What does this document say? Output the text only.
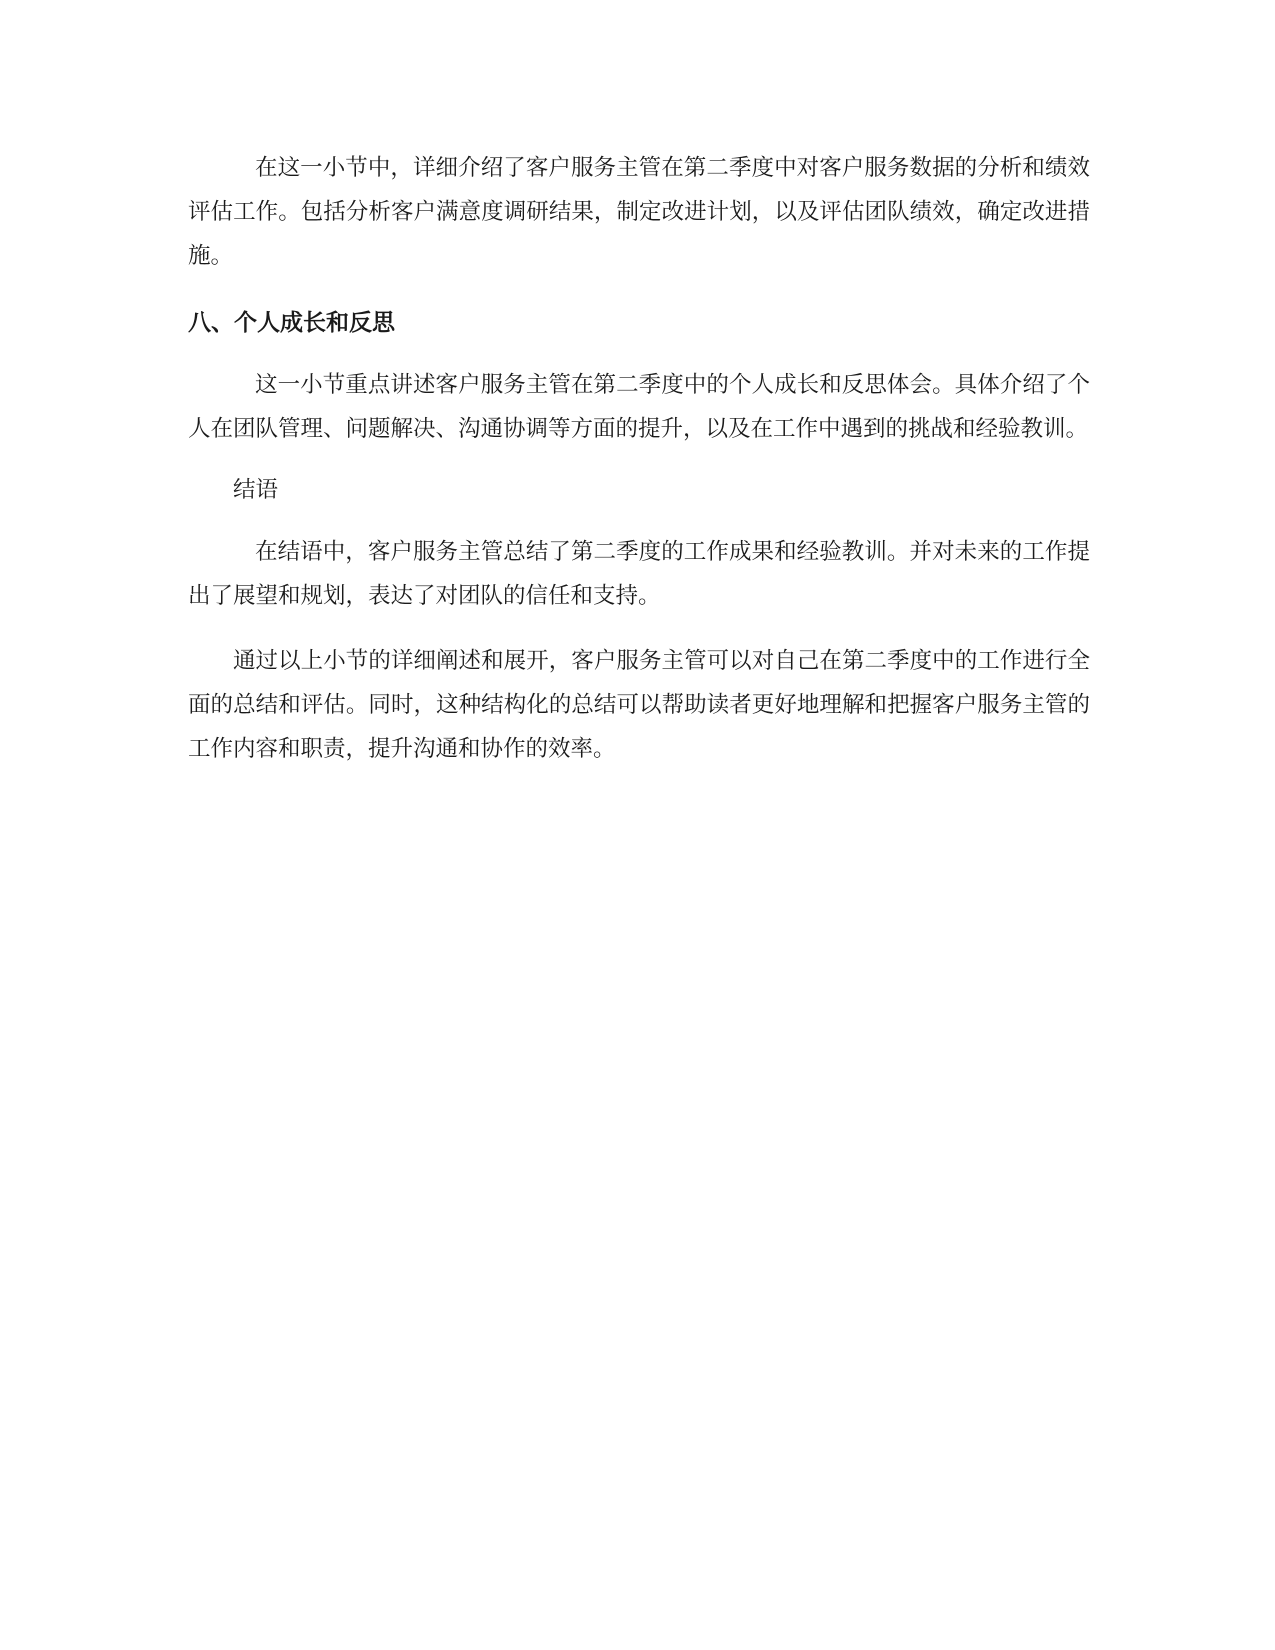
在这一小节中，详细介绍了客户服务主管在第二季度中对客户服务数据的分析和绩效评估工作。包括分析客户满意度调研结果，制定改进计划，以及评估团队绩效，确定改进措施。

八、个人成长和反思

这一小节重点讲述客户服务主管在第二季度中的个人成长和反思体会。具体介绍了个人在团队管理、问题解决、沟通协调等方面的提升，以及在工作中遇到的挑战和经验教训。

结语

在结语中，客户服务主管总结了第二季度的工作成果和经验教训。并对未来的工作提出了展望和规划，表达了对团队的信任和支持。

通过以上小节的详细阐述和展开，客户服务主管可以对自己在第二季度中的工作进行全面的总结和评估。同时，这种结构化的总结可以帮助读者更好地理解和把握客户服务主管的工作内容和职责，提升沟通和协作的效率。
